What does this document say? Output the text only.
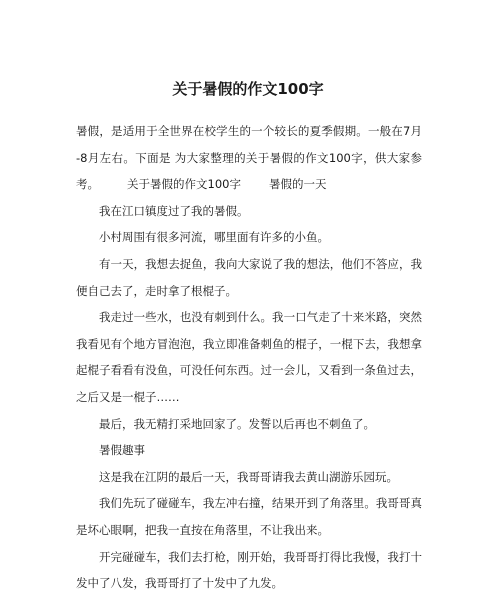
关于暑假的作文100字
暑假，是适用于全世界在校学生的一个较长的夏季假期。一般在7月
-8月左右。下面是 为大家整理的关于暑假的作文100字，供大家参
考。 关于暑假的作文100字 暑假的一天
我在江口镇度过了我的暑假。
小村周围有很多河流，哪里面有许多的小鱼。
有一天，我想去捉鱼，我向大家说了我的想法，他们不答应，我
便自己去了，走时拿了根棍子。
我走过一些水，也没有刺到什么。我一口气走了十来米路，突然
我看见有个地方冒泡泡，我立即准备刺鱼的棍子，一棍下去，我想拿
起棍子看看有没鱼，可没任何东西。过一会儿，又看到一条鱼过去，
之后又是一棍子……
最后，我无精打采地回家了。发誓以后再也不刺鱼了。
暑假趣事
这是我在江阴的最后一天，我哥哥请我去黄山湖游乐园玩。
我们先玩了碰碰车，我左冲右撞，结果开到了角落里。我哥哥真
是坏心眼啊，把我一直按在角落里，不让我出来。
开完碰碰车，我们去打枪，刚开始，我哥哥打得比我慢，我打十
发中了八发，我哥哥打了十发中了九发。
